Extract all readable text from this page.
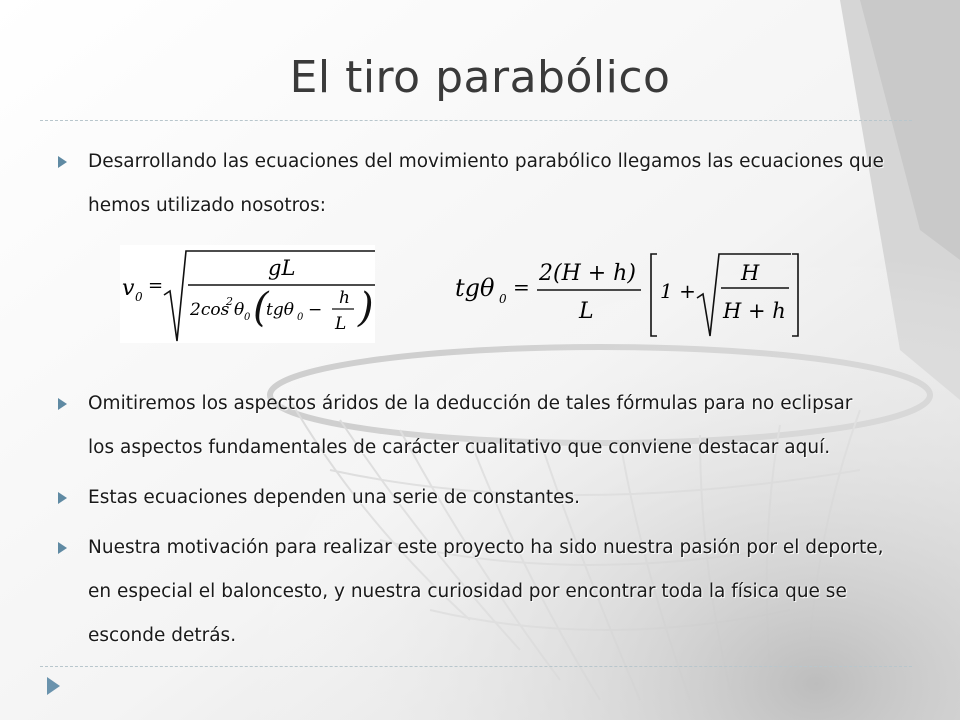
El tiro parabólico
Desarrollando las ecuaciones del movimiento parabólico llegamos las ecuaciones que hemos utilizado nosotros:
v 0
=
gL
2cos
2 θ 0 (
tgθ 0 −
h
L )	tgθ 0 =
2(H + h)
L
1 +
H
H + h
Omitiremos los aspectos áridos de la deducción de tales fórmulas para no eclipsar los aspectos fundamentales de carácter cualitativo que conviene destacar aquí.
Estas ecuaciones dependen una serie de constantes.
Nuestra motivación para realizar este proyecto ha sido nuestra pasión por el deporte, en especial el baloncesto, y nuestra curiosidad por encontrar toda la física que se esconde detrás.
